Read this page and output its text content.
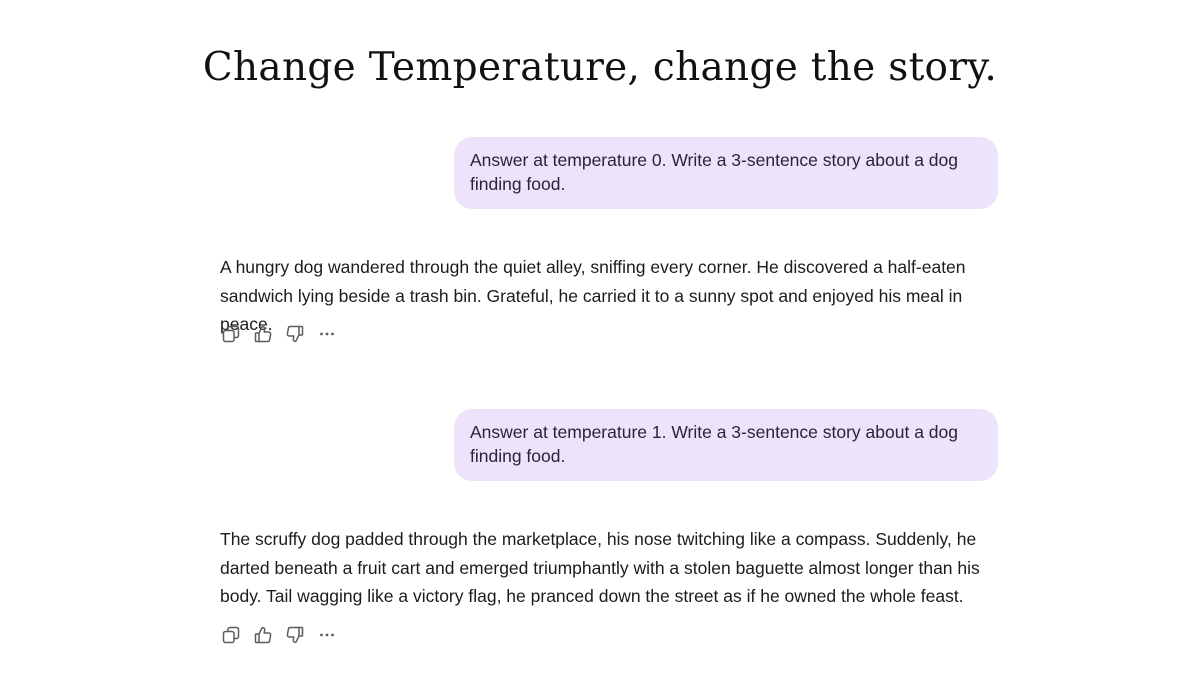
Change Temperature, change the story.
Answer at temperature 0. Write a 3-sentence story about a dog finding food.
A hungry dog wandered through the quiet alley, sniffing every corner. He discovered a half-eaten sandwich lying beside a trash bin. Grateful, he carried it to a sunny spot and enjoyed his meal in peace.
Answer at temperature 1. Write a 3-sentence story about a dog finding food.
The scruffy dog padded through the marketplace, his nose twitching like a compass. Suddenly, he darted beneath a fruit cart and emerged triumphantly with a stolen baguette almost longer than his body. Tail wagging like a victory flag, he pranced down the street as if he owned the whole feast.
